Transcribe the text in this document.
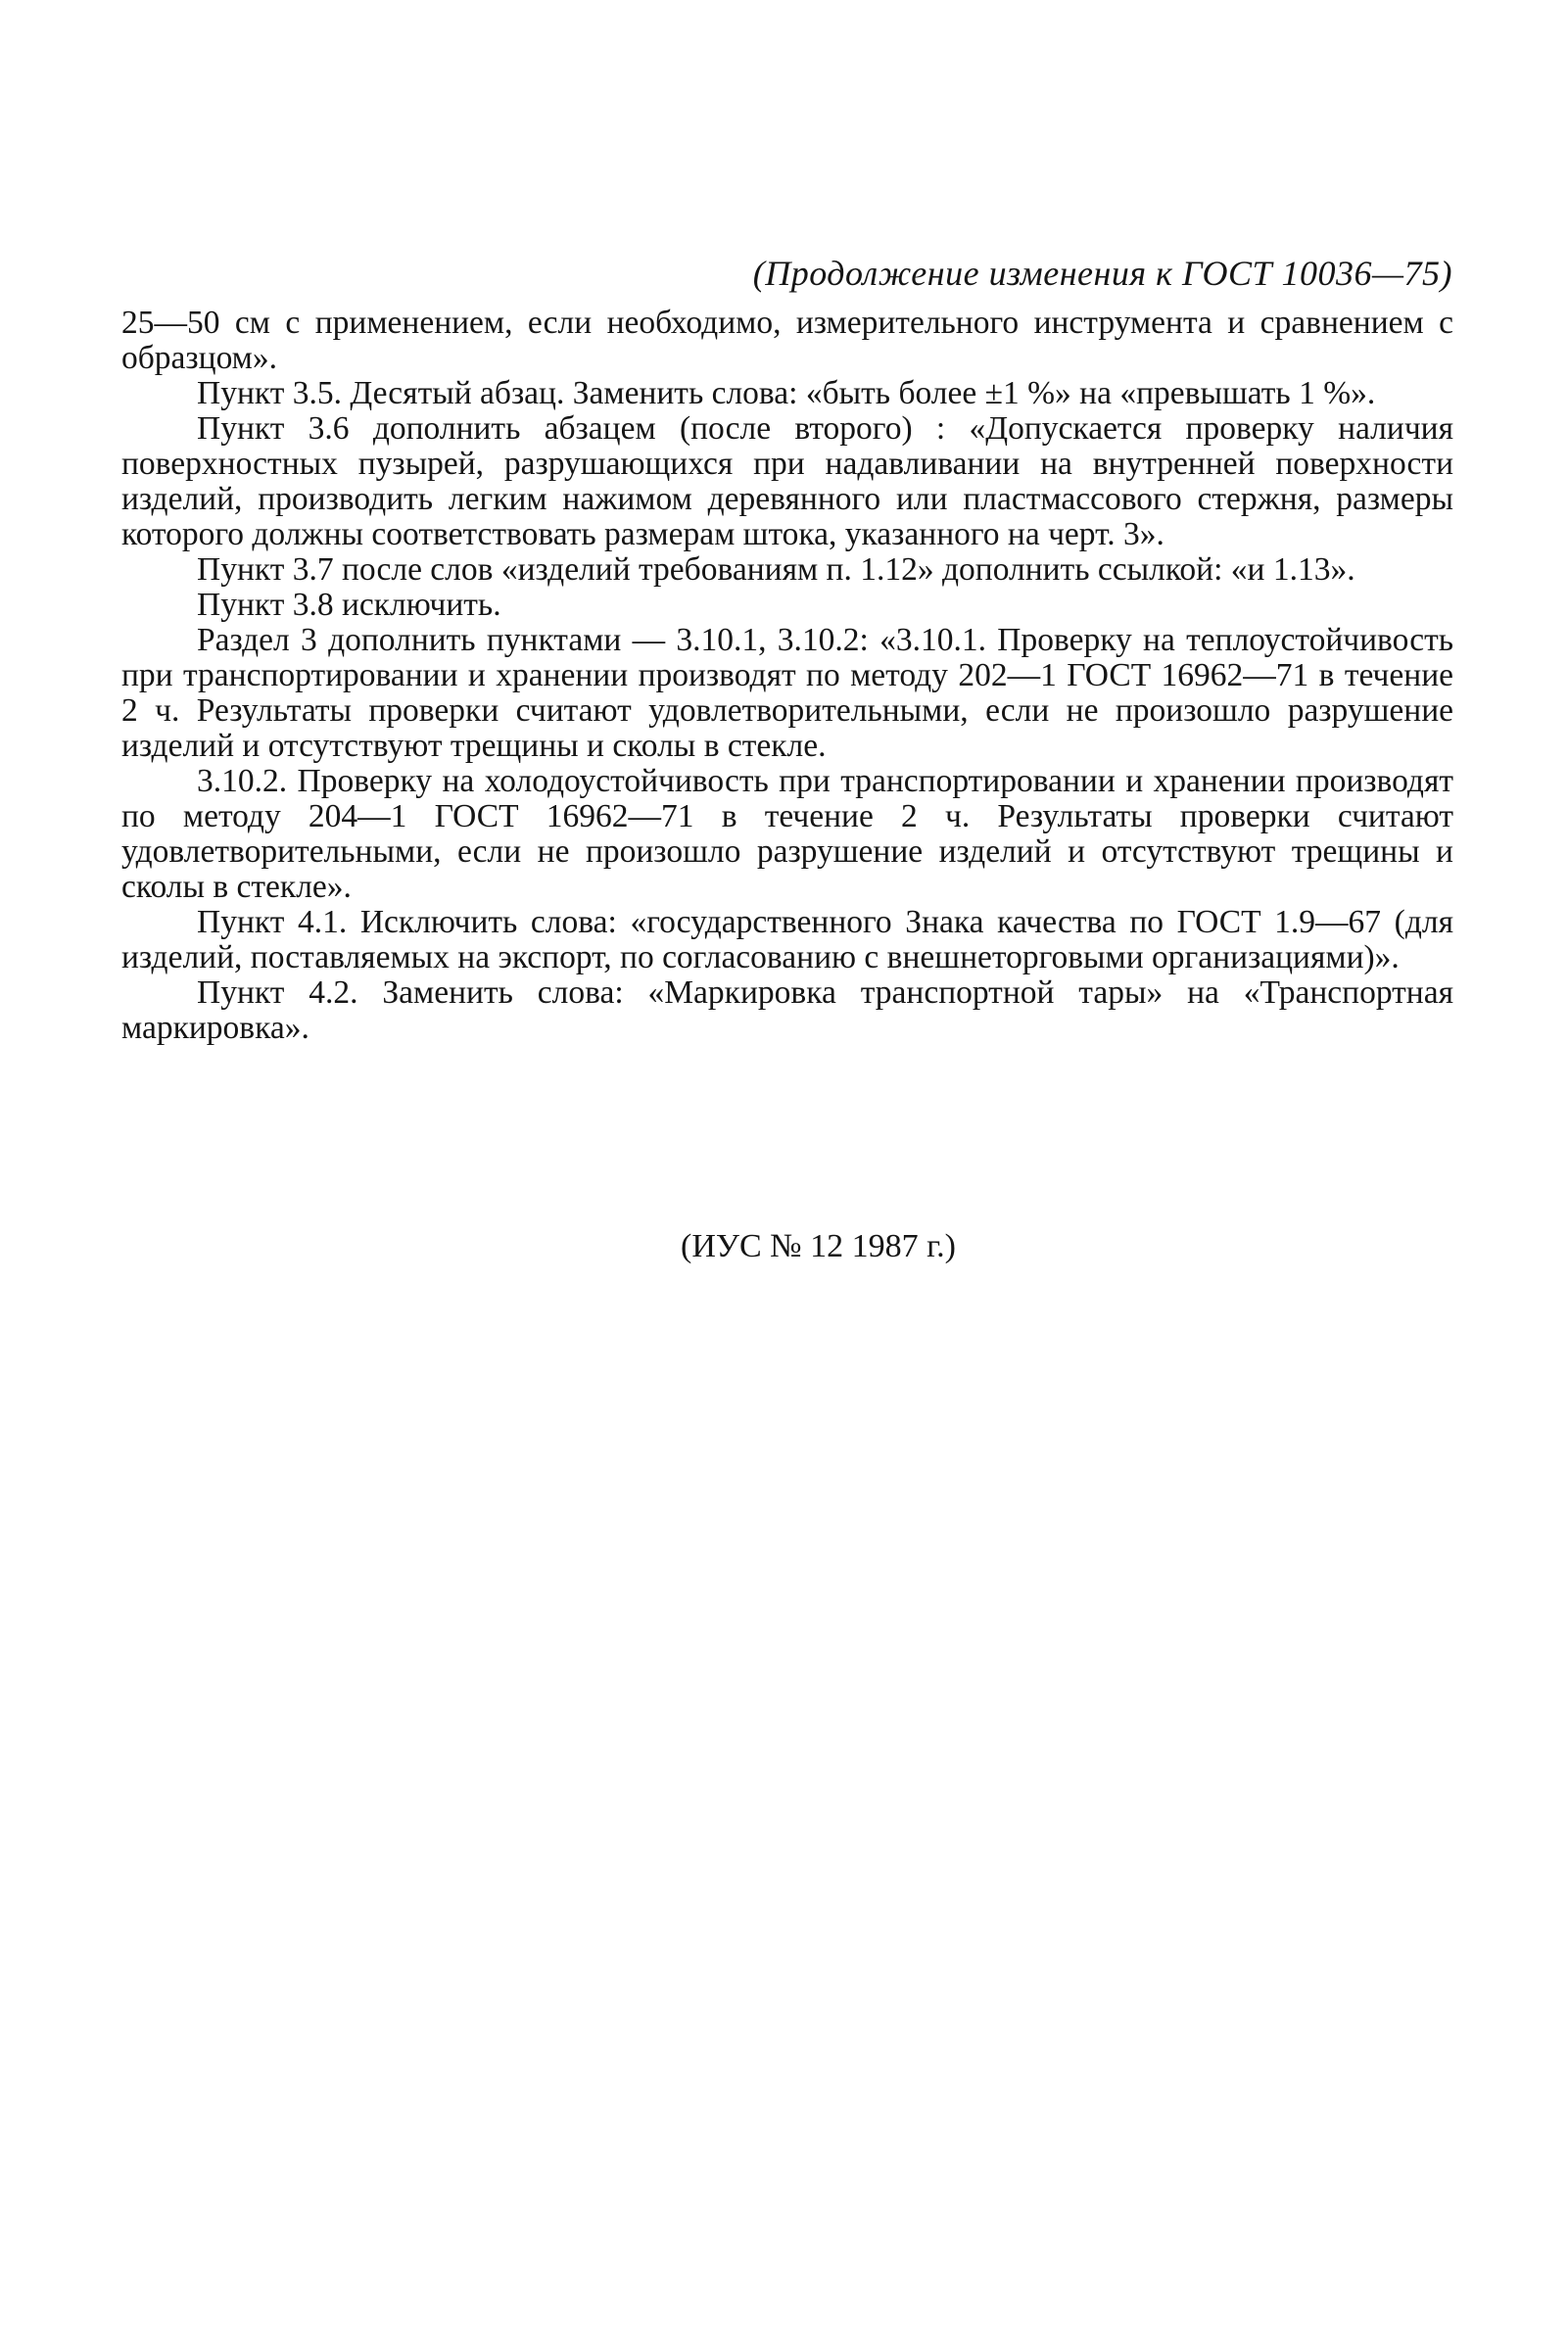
(Продолжение изменения к ГОСТ 10036—75)

25—50 см с применением, если необходимо, измерительного инструмента и сравнением с образцом».

Пункт 3.5. Десятый абзац. Заменить слова: «быть более ±1 %» на «превышать 1 %».

Пункт 3.6 дополнить абзацем (после второго) : «Допускается проверку наличия поверхностных пузырей, разрушающихся при надавливании на внутренней поверхности изделий, производить легким нажимом деревянного или пластмассового стержня, размеры которого должны соответствовать размерам штока, указанного на черт. 3».

Пункт 3.7 после слов «изделий требованиям п. 1.12» дополнить ссылкой: «и 1.13».

Пункт 3.8 исключить.

Раздел 3 дополнить пунктами — 3.10.1, 3.10.2: «3.10.1. Проверку на теплоустойчивость при транспортировании и хранении производят по методу 202—1 ГОСТ 16962—71 в течение 2 ч. Результаты проверки считают удовлетворительными, если не произошло разрушение изделий и отсутствуют трещины и сколы в стекле.

3.10.2. Проверку на холодоустойчивость при транспортировании и хранении производят по методу 204—1 ГОСТ 16962—71 в течение 2 ч. Результаты проверки считают удовлетворительными, если не произошло разрушение изделий и отсутствуют трещины и сколы в стекле».

Пункт 4.1. Исключить слова: «государственного Знака качества по ГОСТ 1.9—67 (для изделий, поставляемых на экспорт, по согласованию с внешнеторговыми организациями)».

Пункт 4.2. Заменить слова: «Маркировка транспортной тары» на «Транспортная маркировка».

(ИУС № 12 1987 г.)
